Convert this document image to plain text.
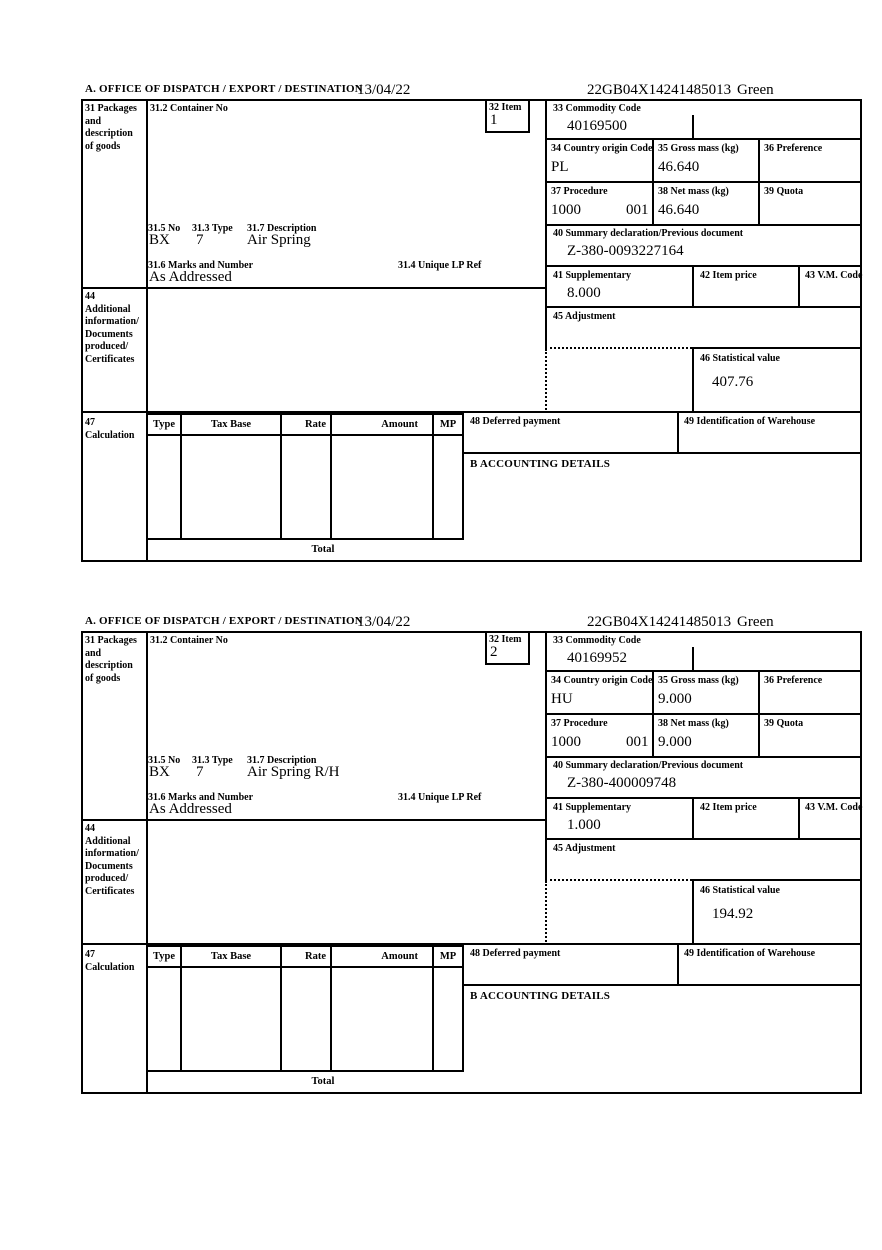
A. OFFICE OF DISPATCH / EXPORT / DESTINATION
13/04/22	22GB04X14241485013 Green
31 Packages
and
description
of goods
31.2 Container No	32 Item
1
31.5 No 31.3 Type 31.7 Description
BX 7	Air Spring
31.6 Marks and Number	31.4 Unique LP Ref
As Addressed
33 Commodity Code
40169500
34 Country origin Code
PL
35 Gross mass (kg)
46.640
36 Preference
37 Procedure
1000	001
38 Net mass (kg)
46.640
39 Quota
40 Summary declaration/Previous document
Z-380-0093227164
41 Supplementary
8.000
42 Item price	43 V.M. Code
45 Adjustment
46 Statistical value
407.76
44
Additional
information/
Documents
produced/
Certificates
47
Calculation
Type	Tax Base	Rate	Amount	MP
Total
48 Deferred payment	49 Identification of Warehouse
B ACCOUNTING DETAILS
A. OFFICE OF DISPATCH / EXPORT / DESTINATION
13/04/22	22GB04X14241485013 Green
31 Packages
and
description
of goods
31.2 Container No	32 Item
2
31.5 No 31.3 Type 31.7 Description
BX 7	Air Spring R/H
31.6 Marks and Number	31.4 Unique LP Ref
As Addressed
33 Commodity Code
40169952
34 Country origin Code
HU
35 Gross mass (kg)
9.000
36 Preference
37 Procedure
1000	001
38 Net mass (kg)
9.000
39 Quota
40 Summary declaration/Previous document
Z-380-400009748
41 Supplementary
1.000
42 Item price	43 V.M. Code
45 Adjustment
46 Statistical value
194.92
44
Additional
information/
Documents
produced/
Certificates
47
Calculation
Type	Tax Base	Rate	Amount	MP
Total
48 Deferred payment	49 Identification of Warehouse
B ACCOUNTING DETAILS
